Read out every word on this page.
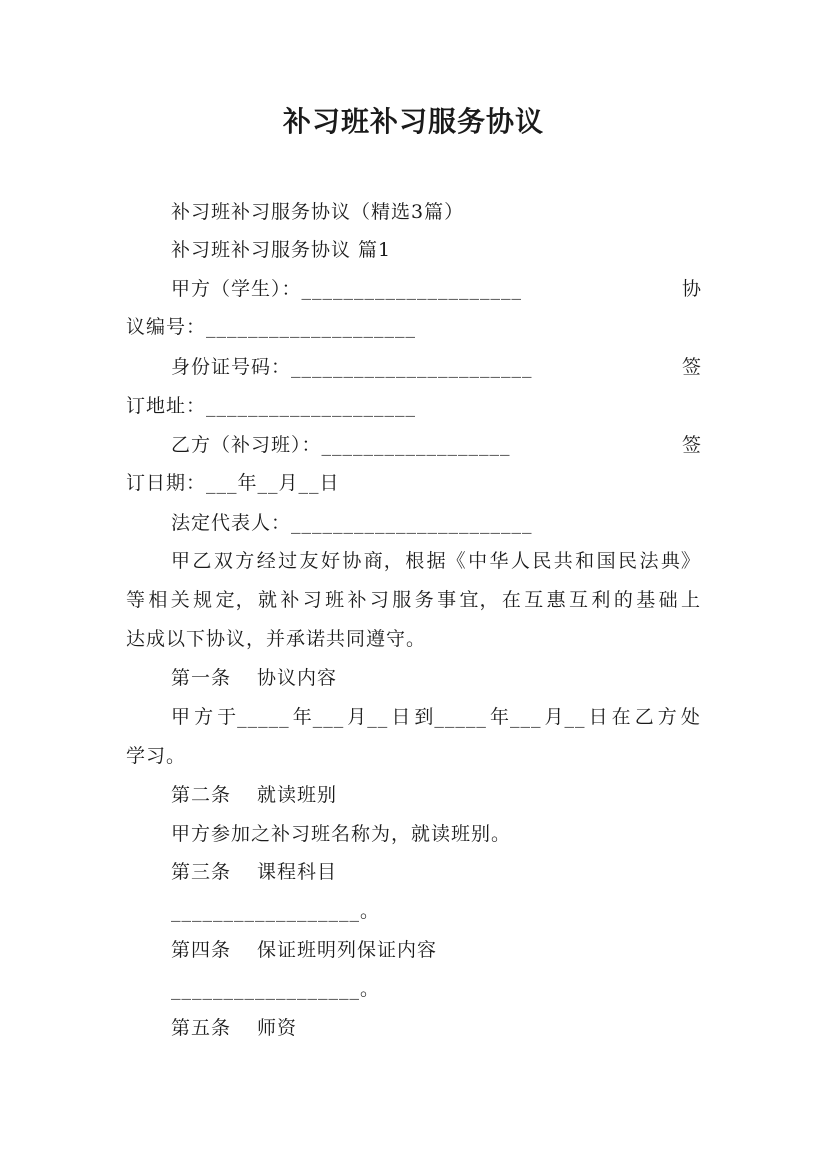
补习班补习服务协议
补习班补习服务协议（精选3篇）
补习班补习服务协议 篇1
甲方（学生）：_____________________	协
议编号：____________________
身份证号码：_______________________	签
订地址：____________________
乙方（补习班）：__________________	签
订日期：___年__月__日
法定代表人：_______________________
甲 乙 双 方 经 过 友 好 协 商， 根 据《 中 华 人 民 共 和 国 民 法 典》
等 相 关 规 定， 就 补 习 班 补 习 服 务 事 宜， 在 互 惠 互 利 的 基 础 上
达成以下协议，并承诺共同遵守。
第一条 协议内容
甲 方 于_____ 年___ 月__ 日 到_____ 年___ 月__ 日 在 乙 方 处
学习。
第二条 就读班别
甲方参加之补习班名称为，就读班别。
第三条 课程科目
__________________。
第四条 保证班明列保证内容
__________________。
第五条 师资
